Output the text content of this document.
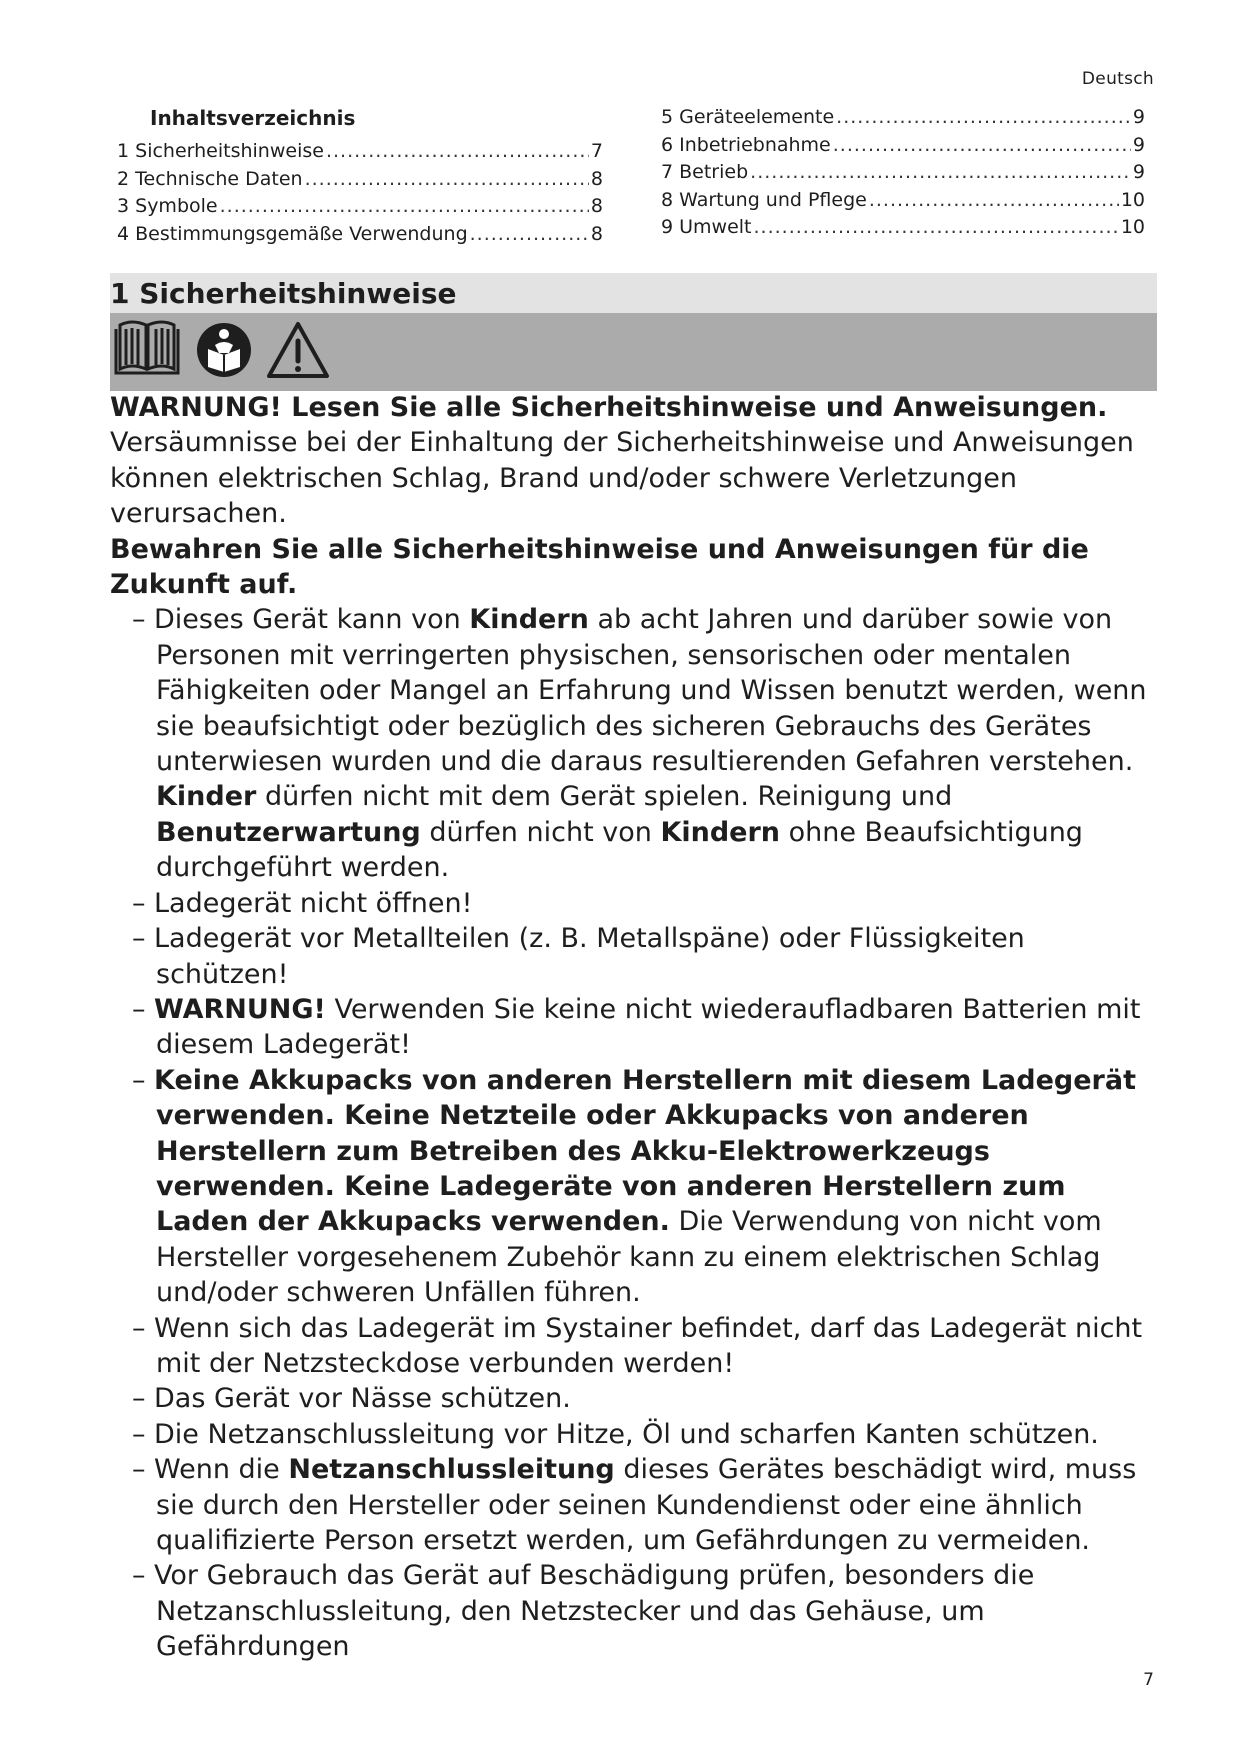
Deutsch
Inhaltsverzeichnis
1 Sicherheitshinweise .....	7
2 Technische Daten .....	8
3 Symbole .....	8
4 Bestimmungsgemäße Verwendung .....	8
5 Geräteelemente .....	9
6 Inbetriebnahme .....	9
7 Betrieb .....	9
8 Wartung und Pflege .....	10
9 Umwelt .....	10
1 Sicherheitshinweise

WARNUNG! Lesen Sie alle Sicherheitshinweise und Anweisungen. Versäumnisse bei der Einhaltung der Sicherheitshinweise und Anweisungen können elektrischen Schlag, Brand und/oder schwere Verletzungen verursachen.

Bewahren Sie alle Sicherheitshinweise und Anweisungen für die Zukunft auf.

– Dieses Gerät kann von Kindern ab acht Jahren und darüber sowie von Personen mit verringerten physischen, sensorischen oder mentalen Fähigkeiten oder Mangel an Erfahrung und Wissen benutzt werden, wenn sie beaufsichtigt oder bezüglich des sicheren Gebrauchs des Gerätes unterwiesen wurden und die daraus resultierenden Gefahren verstehen. Kinder dürfen nicht mit dem Gerät spielen. Reinigung und Benutzerwartung dürfen nicht von Kindern ohne Beaufsichtigung durchgeführt werden.

– Ladegerät nicht öffnen!

– Ladegerät vor Metallteilen (z. B. Metallspäne) oder Flüssigkeiten schützen!

– WARNUNG! Verwenden Sie keine nicht wiederaufladbaren Batterien mit diesem Ladegerät!

– Keine Akkupacks von anderen Herstellern mit diesem Ladegerät verwenden. Keine Netzteile oder Akkupacks von anderen Herstellern zum Betreiben des Akku-Elektrowerkzeugs verwenden. Keine Ladegeräte von anderen Herstellern zum Laden der Akkupacks verwenden. Die Verwendung von nicht vom Hersteller vorgesehenem Zubehör kann zu einem elektrischen Schlag und/oder schweren Unfällen führen.

– Wenn sich das Ladegerät im Systainer befindet, darf das Ladegerät nicht mit der Netzsteckdose verbunden werden!

– Das Gerät vor Nässe schützen.

– Die Netzanschlussleitung vor Hitze, Öl und scharfen Kanten schützen.

– Wenn die Netzanschlussleitung dieses Gerätes beschädigt wird, muss sie durch den Hersteller oder seinen Kundendienst oder eine ähnlich qualifizierte Person ersetzt werden, um Gefährdungen zu vermeiden.

– Vor Gebrauch das Gerät auf Beschädigung prüfen, besonders die Netzanschlussleitung, den Netzstecker und das Gehäuse, um Gefährdungen

7
